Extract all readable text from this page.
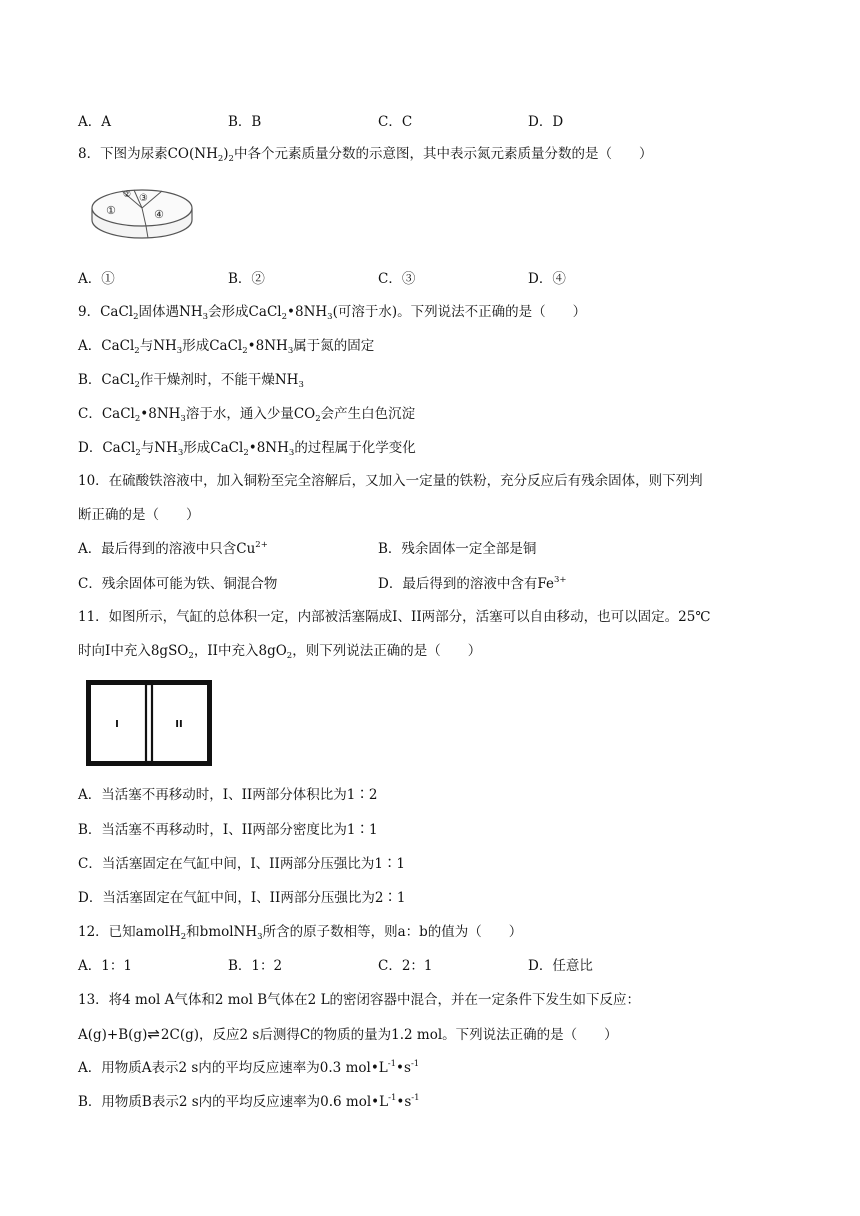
A．A	B．B	C．C	D．D
8．下图为尿素$CO(NH_2)_2$中各个元素质量分数的示意图，其中表示氮元素质量分数的是（　　）
①
② ③
④
A．①	B．②	C．③	D．④
9．CaCl$_2$固体遇$NH_3$会形成$CaCl_2•8NH_3$(可溶于水)。下列说法不正确的是（　　）
A．CaCl$_2$与$NH_3$形成$CaCl_2•8NH_3$属于氮的固定
B．CaCl$_2$作干燥剂时，不能干燥$NH_3$
C．$CaCl_2•8NH_3$溶于水，通入少量$CO_2$会产生白色沉淀
D．CaCl$_2$与$NH_3$形成$CaCl_2•8NH_3$的过程属于化学变化
10．在硫酸铁溶液中，加入铜粉至完全溶解后，又加入一定量的铁粉，充分反应后有残余固体，则下列判
断正确的是（　　）
A．最后得到的溶液中只含$Cu^{2+}$	B．残余固体一定全部是铜
C．残余固体可能为铁、铜混合物	D．最后得到的溶液中含有$Fe^{3+}$
11．如图所示，气缸的总体积一定，内部被活塞隔成Ⅰ、II两部分，活塞可以自由移动，也可以固定。25℃
时向Ⅰ中充入8gSO$_2$，II中充入$8gO_2$，则下列说法正确的是（　　）
I	II
A．当活塞不再移动时，Ⅰ、II两部分体积比为1∶2
B．当活塞不再移动时，Ⅰ、II两部分密度比为1∶1
C．当活塞固定在气缸中间，Ⅰ、II两部分压强比为1∶1
D．当活塞固定在气缸中间，Ⅰ、II两部分压强比为2∶1
12．已知amolH$_2$和bmolNH$_3$所含的原子数相等，则a：b的值为（　　）
A．1：1	B．1：2	C．2：1	D．任意比
13．将4 mol A气体和2 mol B气体在2 L的密闭容器中混合，并在一定条件下发生如下反应：
A(g)+B(g)⇌2C(g)，反应2 s后测得C的物质的量为1.2 mol。下列说法正确的是（　　）
A．用物质A表示2 s内的平均反应速率为0.3 $mol•L^{-1}•s^{-1}$
B．用物质B表示2 s内的平均反应速率为0.6 $mol•L^{-1}•s^{-1}$
